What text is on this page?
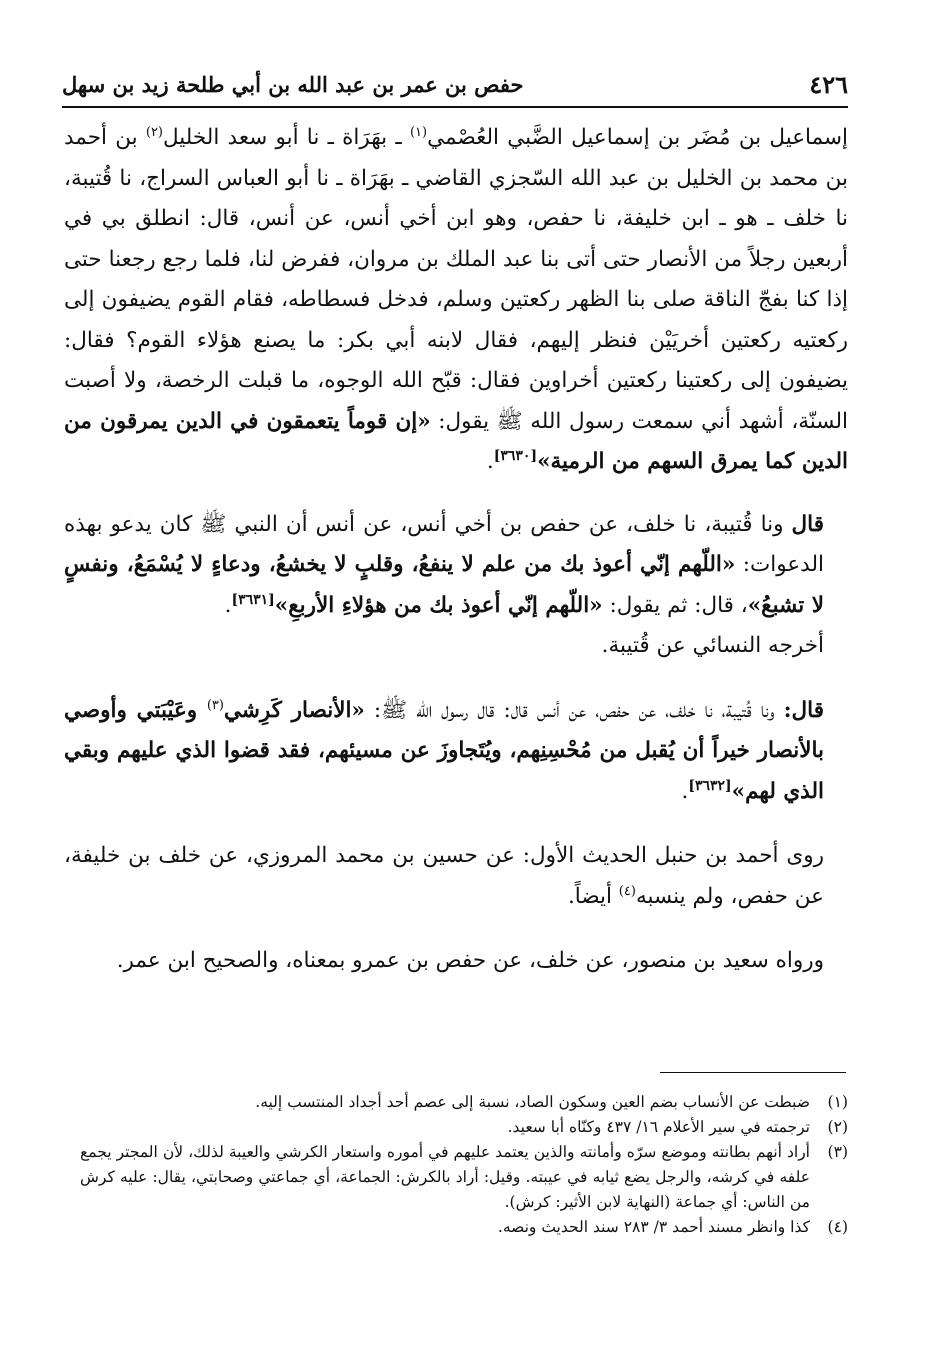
٤٢٦
حفص بن عمر بن عبد الله بن أبي طلحة زيد بن سهل

إسماعيل بن مُضَر بن إسماعيل الضَّبي العُصْمي$^{(١)}$ ـ بهَرَاة ـ نا أبو سعد الخليل$^{(٢)}$ بن أحمد بن محمد بن الخليل بن عبد الله السّجزي القاضي ـ بهَرَاة ـ نا أبو العباس السراج، نا قُتيبة، نا خلف ـ هو ـ ابن خليفة، نا حفص، وهو ابن أخي أنس، عن أنس، قال: انطلق بي في أربعين رجلاً من الأنصار حتى أتى بنا عبد الملك بن مروان، ففرض لنا، فلما رجع رجعنا حتى إذا كنا بفجّ الناقة صلى بنا الظهر ركعتين وسلم، فدخل فسطاطه، فقام القوم يضيفون إلى ركعتيه ركعتين أخريَيْن فنظر إليهم، فقال لابنه أبي بكر: ما يصنع هؤلاء القوم؟ فقال: يضيفون إلى ركعتينا ركعتين أخراوين فقال: قبّح الله الوجوه، ما قبلت الرخصة، ولا أصبت السنّة، أشهد أني سمعت رسول الله ﷺ يقول: «إن قوماً يتعمقون في الدين يمرقون من الدين كما يمرق السهم من الرمية»[٣٦٣٠].

قال ونا قُتيبة، نا خلف، عن حفص بن أخي أنس، عن أنس أن النبي ﷺ كان يدعو بهذه الدعوات: «اللّهم إنّي أعوذ بك من علم لا ينفعُ، وقلبٍ لا يخشعُ، ودعاءٍ لا يُسْمَعُ، ونفسٍ لا تشبعُ»، قال: ثم يقول: «اللّهم إنّي أعوذ بك من هؤلاءِ الأربعِ»[٣٦٣١].
أخرجه النسائي عن قُتيبة.

قال: ونا قُتيبة، نا خلف، عن حفص، عن أنس قال: قال رسول الله ﷺ: «الأنصار كَرِشي$^{(٣)}$ وعَيْبَتي وأوصي بالأنصار خيراً أن يُقبل من مُحْسِنِهم، ويُتَجاوزَ عن مسيئهم، فقد قضوا الذي عليهم وبقي الذي لهم»[٣٦٣٢].

روى أحمد بن حنبل الحديث الأول: عن حسين بن محمد المروزي، عن خلف بن خليفة، عن حفص، ولم ينسبه$^{(٤)}$ أيضاً.

ورواه سعيد بن منصور، عن خلف، عن حفص بن عمرو بمعناه، والصحيح ابن عمر.

(١)
ضبطت عن الأنساب بضم العين وسكون الصاد، نسبة إلى عصم أحد أجداد المنتسب إليه.
(٢)
ترجمته في سير الأعلام ١٦/ ٤٣٧ وكنّاه أبا سعيد.
(٣)
أراد أنهم بطانته وموضع سرّه وأمانته والذين يعتمد عليهم في أموره واستعار الكرشي والعيبة لذلك، لأن المجتر يجمع علفه في كرشه، والرجل يضع ثيابه في عيبته. وقيل: أراد بالكرش: الجماعة، أي جماعتي وصحابتي، يقال: عليه كرش من الناس: أي جماعة (النهاية لابن الأثير: كرش).
(٤)
كذا وانظر مسند أحمد ٣/ ٢٨٣ سند الحديث ونصه.
